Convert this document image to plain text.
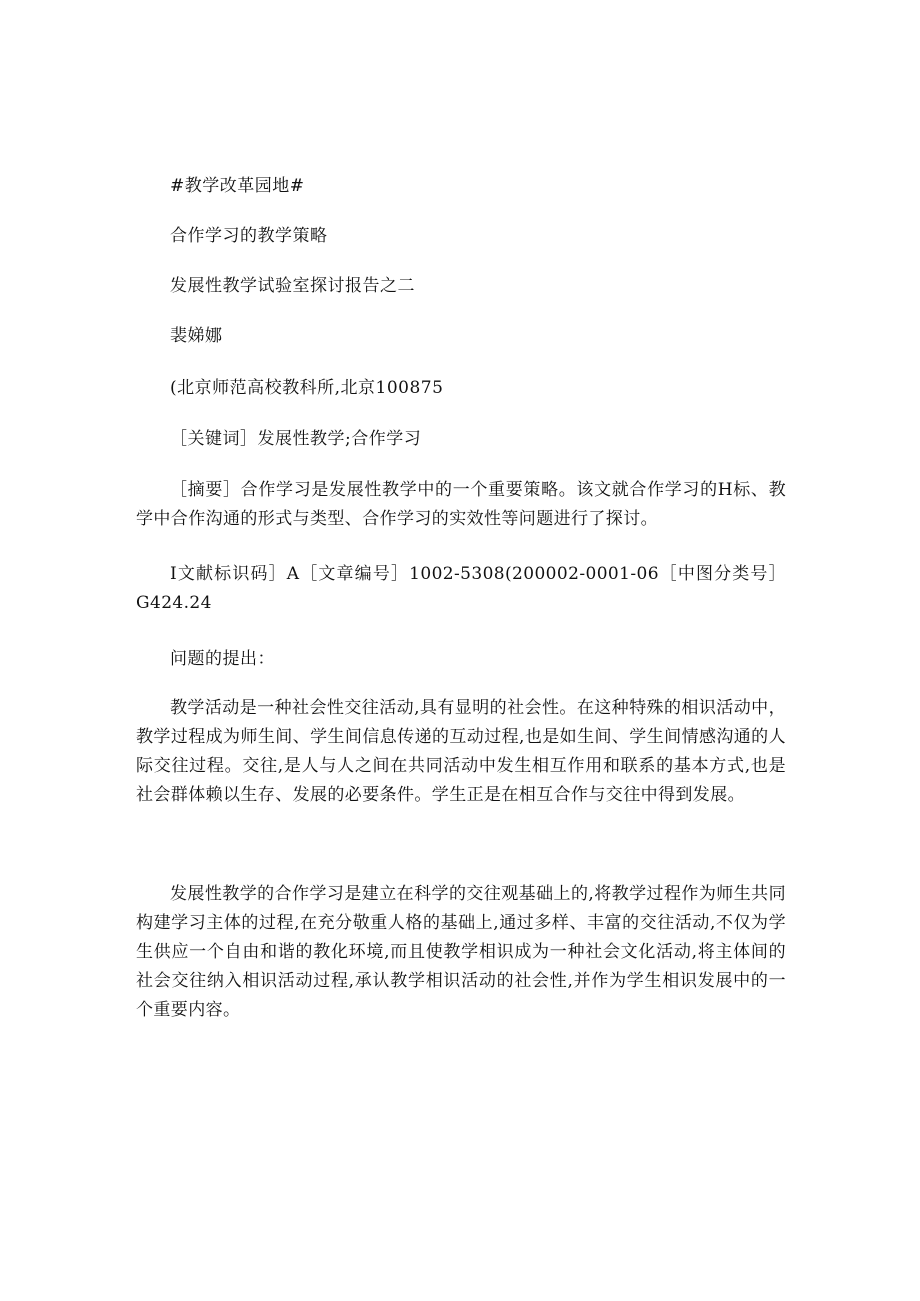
#教学改革园地#
合作学习的教学策略
发展性教学试验室探讨报告之二
裴娣娜
(北京师范高校教科所,北京100875
［关键词］发展性教学;合作学习
［摘要］合作学习是发展性教学中的一个重要策略。该文就合作学习的H标、教学中合作沟通的形式与类型、合作学习的实效性等问题进行了探讨。
I文献标识码］A［文章编号］1002-5308(200002-0001-06［中图分类号］G424.24
问题的提出：
教学活动是一种社会性交往活动,具有显明的社会性。在这种特殊的相识活动中，教学过程成为师生间、学生间信息传递的互动过程,也是如生间、学生间情感沟通的人际交往过程。交往,是人与人之间在共同活动中发生相互作用和联系的基本方式,也是社会群体赖以生存、发展的必要条件。学生正是在相互合作与交往中得到发展。
发展性教学的合作学习是建立在科学的交往观基础上的,将教学过程作为师生共同构建学习主体的过程,在充分敬重人格的基础上,通过多样、丰富的交往活动,不仅为学生供应一个自由和谐的教化环境,而且使教学相识成为一种社会文化活动,将主体间的社会交往纳入相识活动过程,承认教学相识活动的社会性,并作为学生相识发展中的一个重要内容。
